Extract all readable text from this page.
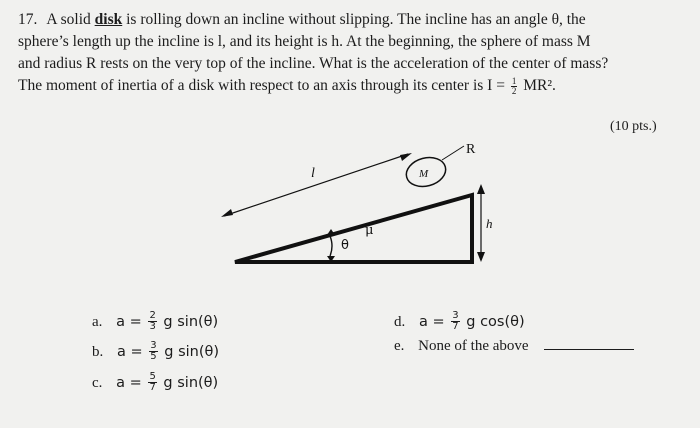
17. A solid disk is rolling down an incline without slipping. The incline has an angle θ, the
sphere’s length up the incline is l, and its height is h. At the beginning, the sphere of mass M
and radius R rests on the very top of the incline. What is the acceleration of the center of mass?
The moment of inertia of a disk with respect to an axis through its center is $I = \frac{1}{2} MR^2$.
(10 pts.)
R
M
l
μ	h
θ
a. $a = \frac{2}{3}$ g sin(θ)
b. $a = \frac{3}{5}$ g sin(θ)
c. $a = \frac{5}{7}$ g sin(θ)
d. $a = \frac{3}{7}$ g cos(θ)
e. None of the above
